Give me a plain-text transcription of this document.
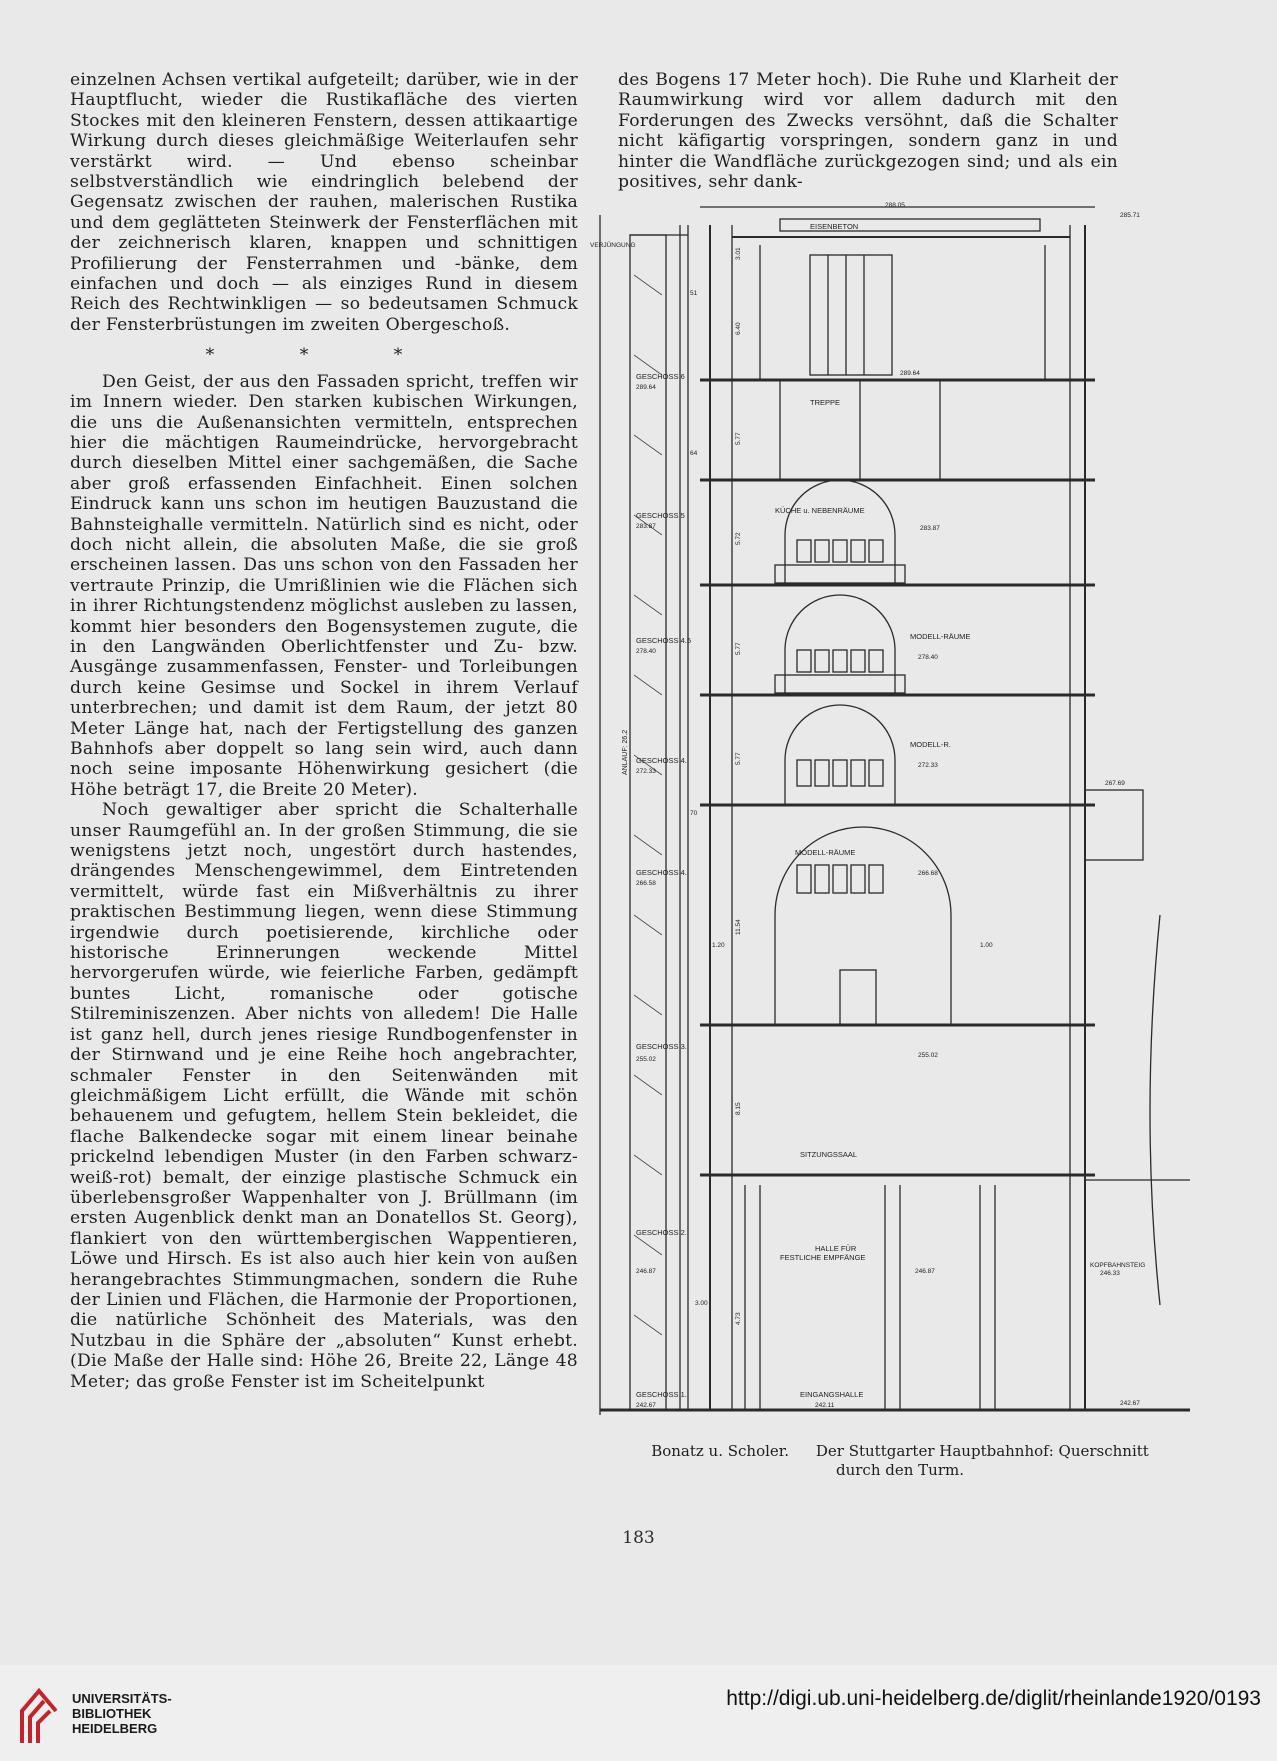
einzelnen Achsen vertikal aufgeteilt; darüber, wie in der Hauptflucht, wieder die Rustikafläche des vierten Stockes mit den kleineren Fenstern, dessen attikaartige Wirkung durch dieses gleichmäßige Weiterlaufen sehr verstärkt wird. — Und ebenso scheinbar selbstverständlich wie eindringlich belebend der Gegensatz zwischen der rauhen, malerischen Rustika und dem geglätteten Steinwerk der Fensterflächen mit der zeichnerisch klaren, knappen und schnittigen Profilierung der Fensterrahmen und -bänke, dem einfachen und doch — als einziges Rund in diesem Reich des Rechtwinkligen — so bedeutsamen Schmuck der Fensterbrüstungen im zweiten Obergeschoß.

* * *

Den Geist, der aus den Fassaden spricht, treffen wir im Innern wieder. Den starken kubischen Wirkungen, die uns die Außenansichten vermitteln, entsprechen hier die mächtigen Raumeindrücke, hervorgebracht durch dieselben Mittel einer sachgemäßen, die Sache aber groß erfassenden Einfachheit. Einen solchen Eindruck kann uns schon im heutigen Bauzustand die Bahnsteighalle vermitteln. Natürlich sind es nicht, oder doch nicht allein, die absoluten Maße, die sie groß erscheinen lassen. Das uns schon von den Fassaden her vertraute Prinzip, die Umrißlinien wie die Flächen sich in ihrer Richtungstendenz möglichst ausleben zu lassen, kommt hier besonders den Bogensystemen zugute, die in den Langwänden Oberlichtfenster und Zu- bzw. Ausgänge zusammenfassen, Fenster- und Torleibungen durch keine Gesimse und Sockel in ihrem Verlauf unterbrechen; und damit ist dem Raum, der jetzt 80 Meter Länge hat, nach der Fertigstellung des ganzen Bahnhofs aber doppelt so lang sein wird, auch dann noch seine imposante Höhenwirkung gesichert (die Höhe beträgt 17, die Breite 20 Meter).

Noch gewaltiger aber spricht die Schalterhalle unser Raumgefühl an. In der großen Stimmung, die sie wenigstens jetzt noch, ungestört durch hastendes, drängendes Menschengewimmel, dem Eintretenden vermittelt, würde fast ein Mißverhältnis zu ihrer praktischen Bestimmung liegen, wenn diese Stimmung irgendwie durch poetisierende, kirchliche oder historische Erinnerungen weckende Mittel hervorgerufen würde, wie feierliche Farben, gedämpft buntes Licht, romanische oder gotische Stilreminiszenzen. Aber nichts von alledem! Die Halle ist ganz hell, durch jenes riesige Rundbogenfenster in der Stirnwand und je eine Reihe hoch angebrachter, schmaler Fenster in den Seitenwänden mit gleichmäßigem Licht erfüllt, die Wände mit schön behauenem und gefugtem, hellem Stein bekleidet, die flache Balkendecke sogar mit einem linear beinahe prickelnd lebendigen Muster (in den Farben schwarz-weiß-rot) bemalt, der einzige plastische Schmuck ein überlebensgroßer Wappenhalter von J. Brüllmann (im ersten Augenblick denkt man an Donatellos St. Georg), flankiert von den württembergischen Wappentieren, Löwe und Hirsch. Es ist also auch hier kein von außen herangebrachtes Stimmungmachen, sondern die Ruhe der Linien und Flächen, die Harmonie der Proportionen, die natürliche Schönheit des Materials, was den Nutzbau in die Sphäre der „absoluten“ Kunst erhebt. (Die Maße der Halle sind: Höhe 26, Breite 22, Länge 48 Meter; das große Fenster ist im Scheitelpunkt

des Bogens 17 Meter hoch). Die Ruhe und Klarheit der Raumwirkung wird vor allem dadurch mit den Forderungen des Zwecks versöhnt, daß die Schalter nicht käfigartig vorspringen, sondern ganz in und hinter die Wandfläche zurückgezogen sind; und als ein positives, sehr dank-

EISENBETON
VERJÜNGUNG
ANLAUF: 26.2
GESCHOSS 6
GESCHOSS 5
GESCHOSS 4.5
GESCHOSS 4.
GESCHOSS 4.
GESCHOSS 3.
GESCHOSS 2.
GESCHOSS 1.
TREPPE
KÜCHE u. NEBENRÄUME
MODELL-RÄUME
MODELL-R.
MODELL-RÄUME
SITZUNGSSAAL
HALLE FÜR
FESTLICHE EMPFÄNGE
KOPFBAHNSTEIG
EINGANGSHALLE
288.05
285.71
289.64
289.64
283.87	283.87
278.40
278.40
272.33
272.33
266.58
266.68
267.69
255.02
255.02
246.87	246.87	246.33
242.67	242.11	242.67
3.01
6.40
5.77
5.72
5.77
5.77
11.54
8.15
4.73
3.00
1.20	1.00
51
64
70
Bonatz u. Scholer. Der Stuttgarter Hauptbahnhof: Querschnitt
durch den Turm.
183
UNIVERSITÄTS-
BIBLIOTHEK
HEIDELBERG
http://digi.ub.uni-heidelberg.de/diglit/rheinlande1920/0193
